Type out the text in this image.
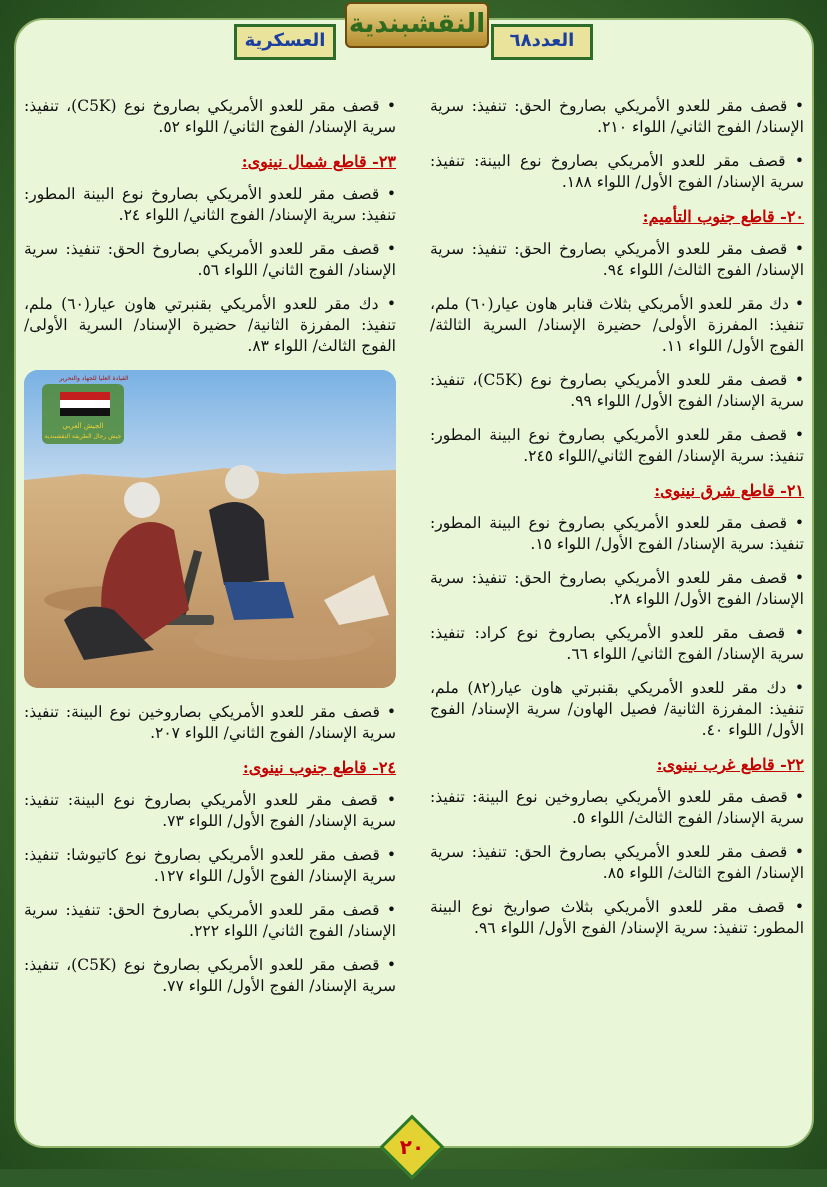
النقشبندية
العسكرية	العدد٦٨
• قصف مقر للعدو الأمريكي بصاروخ الحق: تنفيذ: سرية الإسناد/ الفوج الثاني/ اللواء ٢١٠.
• قصف مقر للعدو الأمريكي بصاروخ نوع البينة: تنفيذ: سرية الإسناد/ الفوج الأول/ اللواء ١٨٨.
٢٠- قاطع جنوب التأميم:
• قصف مقر للعدو الأمريكي بصاروخ الحق: تنفيذ: سرية الإسناد/ الفوج الثالث/ اللواء ٩٤.
• دك مقر للعدو الأمريكي بثلاث قنابر هاون عيار(٦٠) ملم، تنفيذ: المفرزة الأولى/ حضيرة الإسناد/ السرية الثالثة/ الفوج الأول/ اللواء ١١.
• قصف مقر للعدو الأمريكي بصاروخ نوع (C5K)، تنفيذ: سرية الإسناد/ الفوج الأول/ اللواء ٩٩.
• قصف مقر للعدو الأمريكي بصاروخ نوع البينة المطور: تنفيذ: سرية الإسناد/ الفوج الثاني/اللواء ٢٤٥.
٢١- قاطع شرق نينوى:
• قصف مقر للعدو الأمريكي بصاروخ نوع البينة المطور: تنفيذ: سرية الإسناد/ الفوج الأول/ اللواء ١٥.
• قصف مقر للعدو الأمريكي بصاروخ الحق: تنفيذ: سرية الإسناد/ الفوج الأول/ اللواء ٢٨.
• قصف مقر للعدو الأمريكي بصاروخ نوع كراد: تنفيذ: سرية الإسناد/ الفوج الثاني/ اللواء ٦٦.
• دك مقر للعدو الأمريكي بقنبرتي هاون عيار(٨٢) ملم، تنفيذ: المفرزة الثانية/ فصيل الهاون/ سرية الإسناد/ الفوج الأول/ اللواء ٤٠.
٢٢- قاطع غرب نينوى:
• قصف مقر للعدو الأمريكي بصاروخين نوع البينة: تنفيذ: سرية الإسناد/ الفوج الثالث/ اللواء ٥.
• قصف مقر للعدو الأمريكي بصاروخ الحق: تنفيذ: سرية الإسناد/ الفوج الثالث/ اللواء ٨٥.
• قصف مقر للعدو الأمريكي بثلاث صواريخ نوع البينة المطور: تنفيذ: سرية الإسناد/ الفوج الأول/ اللواء ٩٦.
• قصف مقر للعدو الأمريكي بصاروخ نوع (C5K)، تنفيذ: سرية الإسناد/ الفوج الثاني/ اللواء ٥٢.
٢٣- قاطع شمال نينوى:
• قصف مقر للعدو الأمريكي بصاروخ نوع البينة المطور: تنفيذ: سرية الإسناد/ الفوج الثاني/ اللواء ٢٤.
• قصف مقر للعدو الأمريكي بصاروخ الحق: تنفيذ: سرية الإسناد/ الفوج الثاني/ اللواء ٥٦.
• دك مقر للعدو الأمريكي بقنبرتي هاون عيار(٦٠) ملم، تنفيذ: المفرزة الثانية/ حضيرة الإسناد/ السرية الأولى/ الفوج الثالث/ اللواء ٨٣.
الجيش العربي
جيش رجال الطريقة النقشبندية
القيادة العليا للجهاد والتحرير
• قصف مقر للعدو الأمريكي بصاروخين نوع البينة: تنفيذ: سرية الإسناد/ الفوج الثاني/ اللواء ٢٠٧.
٢٤- قاطع جنوب نينوى:
• قصف مقر للعدو الأمريكي بصاروخ نوع البينة: تنفيذ: سرية الإسناد/ الفوج الأول/ اللواء ٧٣.
• قصف مقر للعدو الأمريكي بصاروخ نوع كاتيوشا: تنفيذ: سرية الإسناد/ الفوج الأول/ اللواء ١٢٧.
• قصف مقر للعدو الأمريكي بصاروخ الحق: تنفيذ: سرية الإسناد/ الفوج الثاني/ اللواء ٢٢٢.
• قصف مقر للعدو الأمريكي بصاروخ نوع (C5K)، تنفيذ: سرية الإسناد/ الفوج الأول/ اللواء ٧٧.
٢٠
